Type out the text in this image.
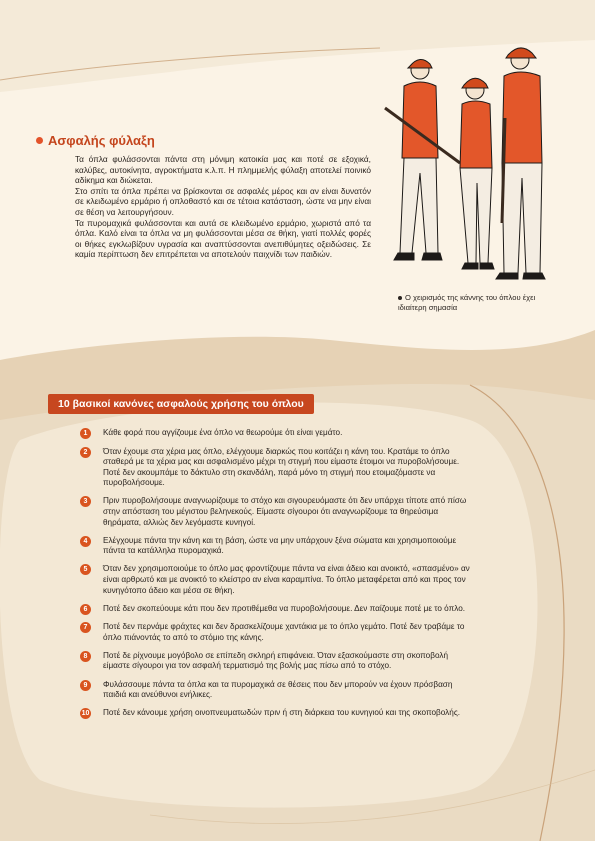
Ασφαλής φύλαξη

Τα όπλα φυλάσσονται πάντα στη μόνιμη κατοικία μας και ποτέ σε εξοχικά, καλύβες, αυτοκίνητα, αγροκτήματα κ.λ.π. Η πλημμελής φύλαξη αποτελεί ποινικό αδίκημα και διώκεται.

Στο σπίτι τα όπλα πρέπει να βρίσκονται σε ασφαλές μέρος και αν είναι δυνατόν σε κλειδωμένο ερμάριο ή οπλοθαστό και σε τέτοια κατάσταση, ώστε να μην είναι σε θέση να λειτουργήσουν.

Τα πυρομαχικά φυλάσσονται και αυτά σε κλειδωμένο ερμάριο, χωριστά από τα όπλα. Καλό είναι τα όπλα να μη φυλάσσονται μέσα σε θήκη, γιατί πολλές φορές οι θήκες εγκλωβίζουν υγρασία και αναπτύσσονται ανεπιθύμητες οξειδώσεις. Σε καμία περίπτωση δεν επιτρέπεται να αποτελούν παιχνίδι των παιδιών.

Ο χειρισμός της κάννης του όπλου έχει ιδιαίτερη σημασία
10 βασικοί κανόνες ασφαλούς χρήσης του όπλου
1	Κάθε φορά που αγγίζουμε ένα όπλο να θεωρούμε ότι είναι γεμάτο.
2	Όταν έχουμε στα χέρια μας όπλο, ελέγχουμε διαρκώς που κοιτάζει η κάνη του. Κρατάμε το όπλο σταθερά με τα χέρια μας και ασφαλισμένο μέχρι τη στιγμή που είμαστε έτοιμοι να πυροβολήσουμε. Ποτέ δεν ακουμπάμε το δάκτυλο στη σκανδάλη, παρά μόνο τη στιγμή που ετοιμαζόμαστε να πυροβολήσουμε.
3	Πριν πυροβολήσουμε αναγνωρίζουμε το στόχο και σιγουρευόμαστε ότι δεν υπάρχει τίποτε από πίσω στην απόσταση του μέγιστου βεληνεκούς. Είμαστε σίγουροι ότι αναγνωρίζουμε τα θηρεύσιμα θηράματα, αλλιώς δεν λεγόμαστε κυνηγοί.
4	Ελέγχουμε πάντα την κάνη και τη βάση, ώστε να μην υπάρχουν ξένα σώματα και χρησιμοποιούμε πάντα τα κατάλληλα πυρομαχικά.
5	Όταν δεν χρησιμοποιούμε το όπλο μας φροντίζουμε πάντα να είναι άδειο και ανοικτό, «σπασμένο» αν είναι αρθρωτό και με ανοικτό το κλείστρο αν είναι καραμπίνα. Το όπλο μεταφέρεται από και προς τον κυνηγότοπο άδειο και μέσα σε θήκη.
6	Ποτέ δεν σκοπεύουμε κάτι που δεν προτιθέμεθα να πυροβολήσουμε. Δεν παίζουμε ποτέ με το όπλο.
7	Ποτέ δεν περνάμε φράχτες και δεν δρασκελίζουμε χαντάκια με το όπλο γεμάτο. Ποτέ δεν τραβάμε το όπλο πιάνοντάς το από το στόμιο της κάνης.
8	Ποτέ δε ρίχνουμε μογόβολο σε επίπεδη σκληρή επιφάνεια. Όταν εξασκούμαστε στη σκοποβολή είμαστε σίγουροι για τον ασφαλή τερματισμό της βολής μας πίσω από το στόχο.
9	Φυλάσσουμε πάντα τα όπλα και τα πυρομαχικά σε θέσεις που δεν μπορούν να έχουν πρόσβαση παιδιά και ανεύθυνοι ενήλικες.
10 Ποτέ δεν κάνουμε χρήση οινοπνευματωδών πριν ή στη διάρκεια του κυνηγιού και της σκοποβολής.
